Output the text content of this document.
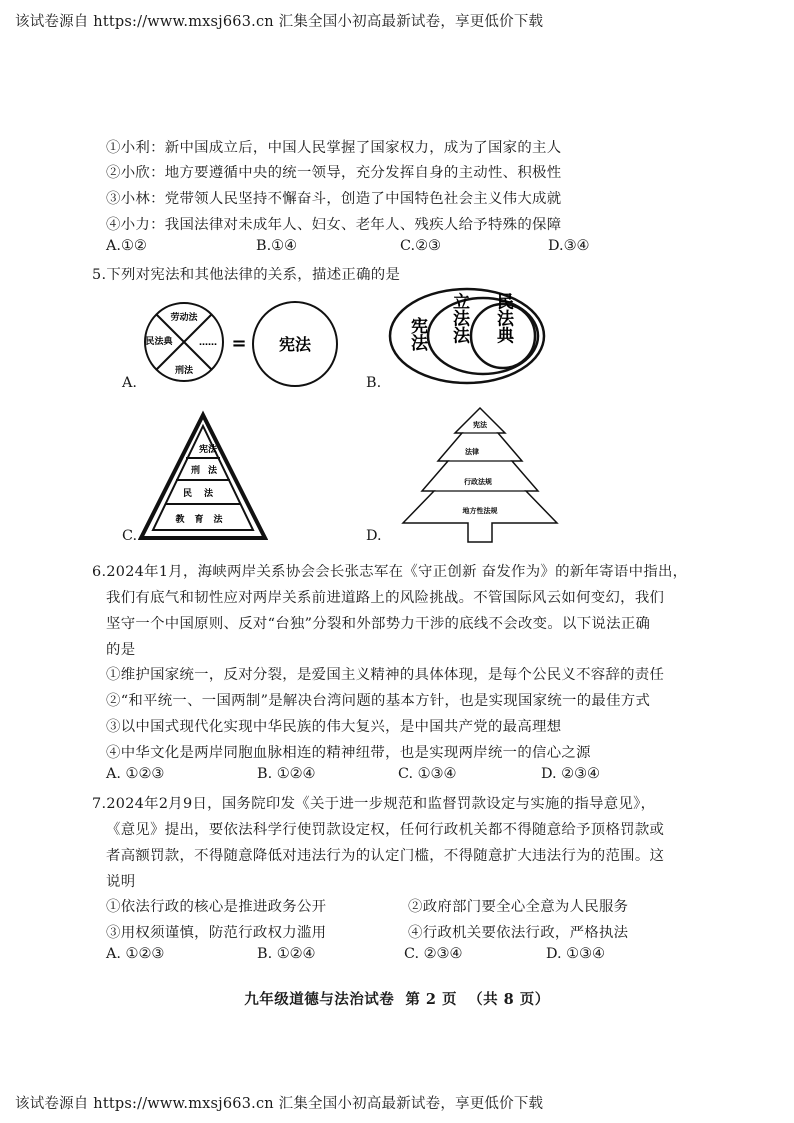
该试卷源自 https://www.mxsj663.cn 汇集全国小初高最新试卷，享更低价下载
①小利：新中国成立后，中国人民掌握了国家权力，成为了国家的主人
②小欣：地方要遵循中央的统一领导，充分发挥自身的主动性、积极性
③小林：党带领人民坚持不懈奋斗，创造了中国特色社会主义伟大成就
④小力：我国法律对未成年人、妇女、老年人、残疾人给予特殊的保障
A.①②	B.①④	C.②③	D.③④
5.下列对宪法和其他法律的关系，描述正确的是
劳动法
民法典	……
刑法
= 宪法
A.
宪法 立法法 民法典
B.
宪法
刑法
民法
教育法
C.
宪法
法律
行政法规
地方性法规
D.
6.2024年1月，海峡两岸关系协会会长张志军在《守正创新 奋发作为》的新年寄语中指出，
我们有底气和韧性应对两岸关系前进道路上的风险挑战。不管国际风云如何变幻，我们
坚守一个中国原则、反对“台独”分裂和外部势力干涉的底线不会改变。以下说法正确
的是
①维护国家统一，反对分裂，是爱国主义精神的具体体现，是每个公民义不容辞的责任
②“和平统一、一国两制”是解决台湾问题的基本方针，也是实现国家统一的最佳方式
③以中国式现代化实现中华民族的伟大复兴，是中国共产党的最高理想
④中华文化是两岸同胞血脉相连的精神纽带，也是实现两岸统一的信心之源
A. ①②③	B. ①②④	C. ①③④	D. ②③④
7.2024年2月9日，国务院印发《关于进一步规范和监督罚款设定与实施的指导意见》，
《意见》提出，要依法科学行使罚款设定权，任何行政机关都不得随意给予顶格罚款或
者高额罚款，不得随意降低对违法行为的认定门槛，不得随意扩大违法行为的范围。这
说明
①依法行政的核心是推进政务公开	②政府部门要全心全意为人民服务
③用权须谨慎，防范行政权力滥用	④行政机关要依法行政，严格执法
A. ①②③	B. ①②④	C. ②③④	D. ①③④
九年级道德与法治试卷  第 2 页  （共 8 页）
该试卷源自 https://www.mxsj663.cn 汇集全国小初高最新试卷，享更低价下载
